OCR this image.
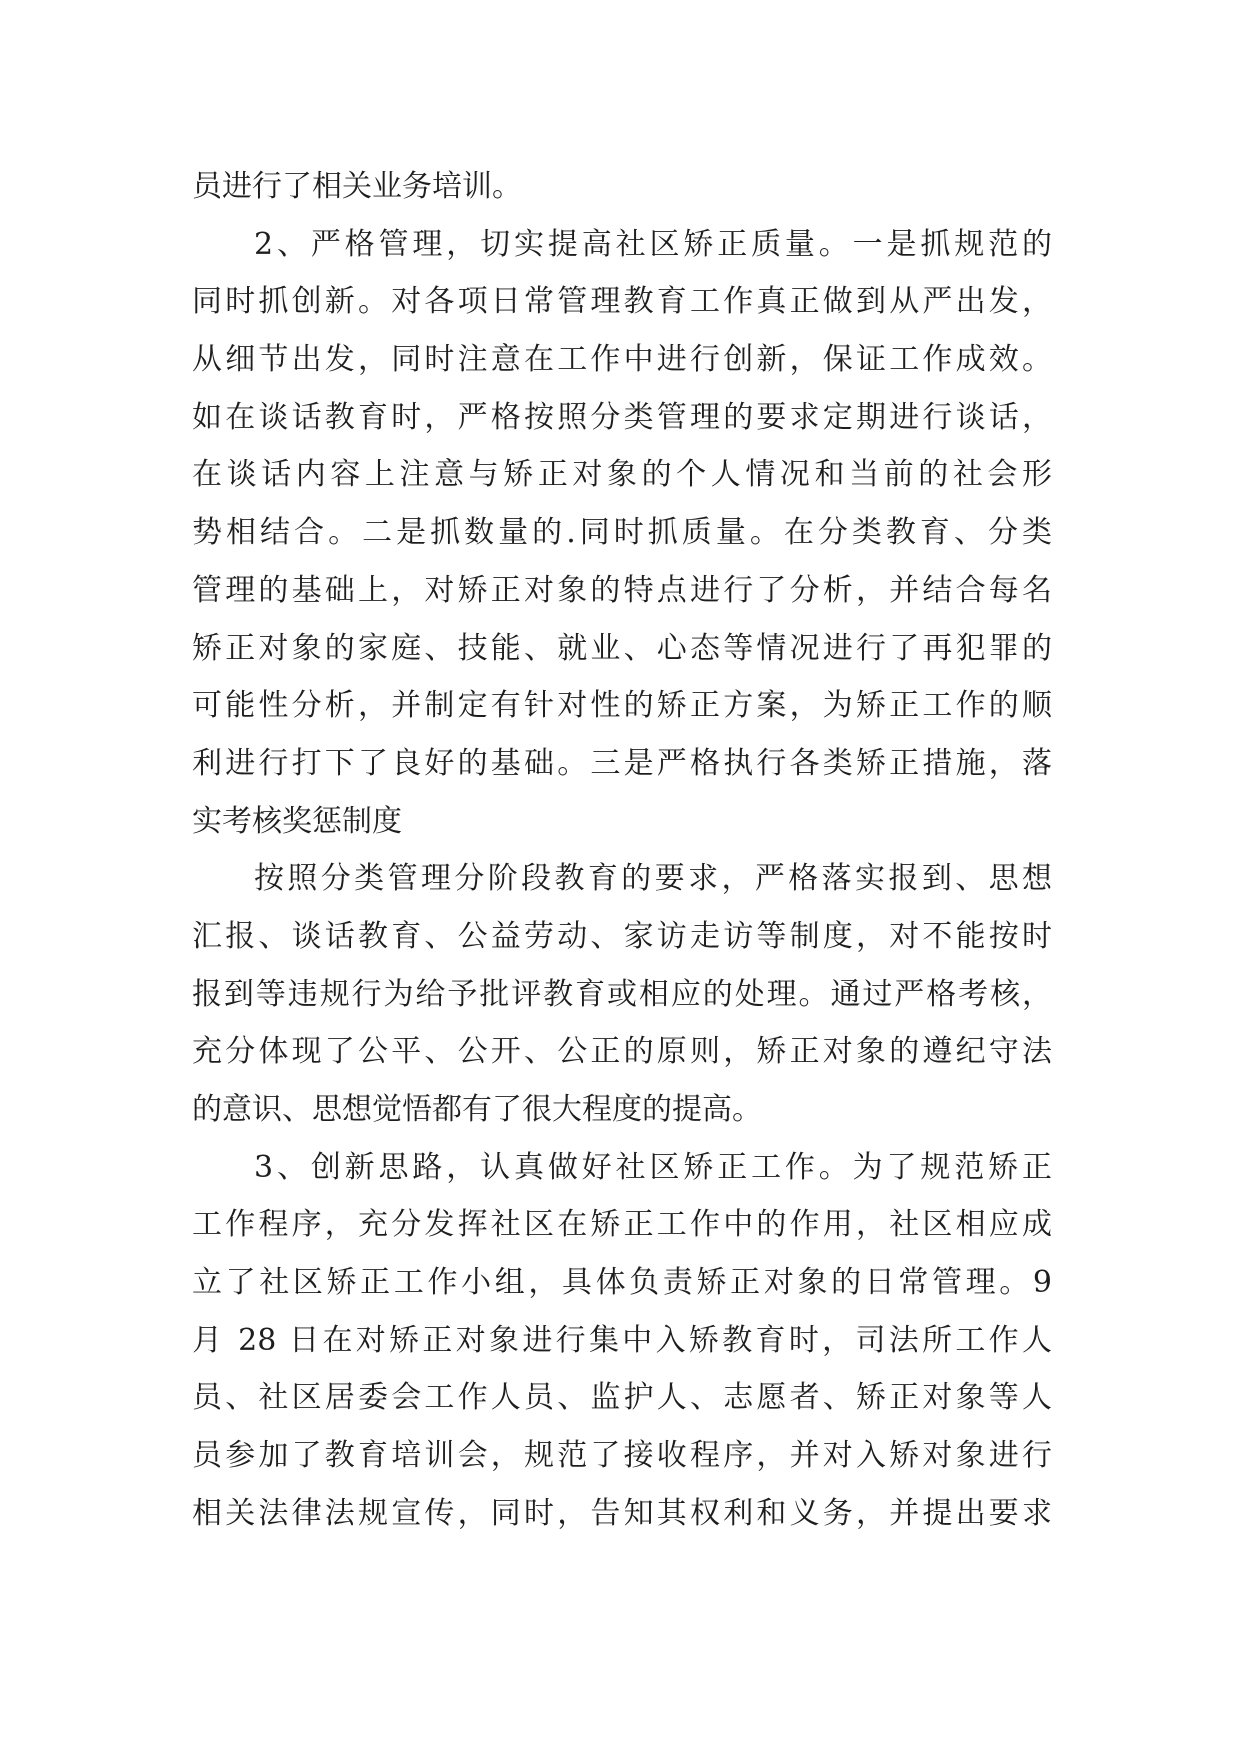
员进行了相关业务培训。
2、严格管理，切实提高社区矫正质量。一是抓规范的
同时抓创新。对各项日常管理教育工作真正做到从严出发，
从细节出发，同时注意在工作中进行创新，保证工作成效。
如在谈话教育时，严格按照分类管理的要求定期进行谈话，
在谈话内容上注意与矫正对象的个人情况和当前的社会形
势相结合。二是抓数量的.同时抓质量。在分类教育、分类
管理的基础上，对矫正对象的特点进行了分析，并结合每名
矫正对象的家庭、技能、就业、心态等情况进行了再犯罪的
可能性分析，并制定有针对性的矫正方案，为矫正工作的顺
利进行打下了良好的基础。三是严格执行各类矫正措施，落
实考核奖惩制度
按照分类管理分阶段教育的要求，严格落实报到、思想
汇报、谈话教育、公益劳动、家访走访等制度，对不能按时
报到等违规行为给予批评教育或相应的处理。通过严格考核，
充分体现了公平、公开、公正的原则，矫正对象的遵纪守法
的意识、思想觉悟都有了很大程度的提高。
3、创新思路，认真做好社区矫正工作。为了规范矫正
工作程序，充分发挥社区在矫正工作中的作用，社区相应成
立了社区矫正工作小组，具体负责矫正对象的日常管理。9
月 28 日在对矫正对象进行集中入矫教育时，司法所工作人
员、社区居委会工作人员、监护人、志愿者、矫正对象等人
员参加了教育培训会，规范了接收程序，并对入矫对象进行
相关法律法规宣传，同时，告知其权利和义务，并提出要求
